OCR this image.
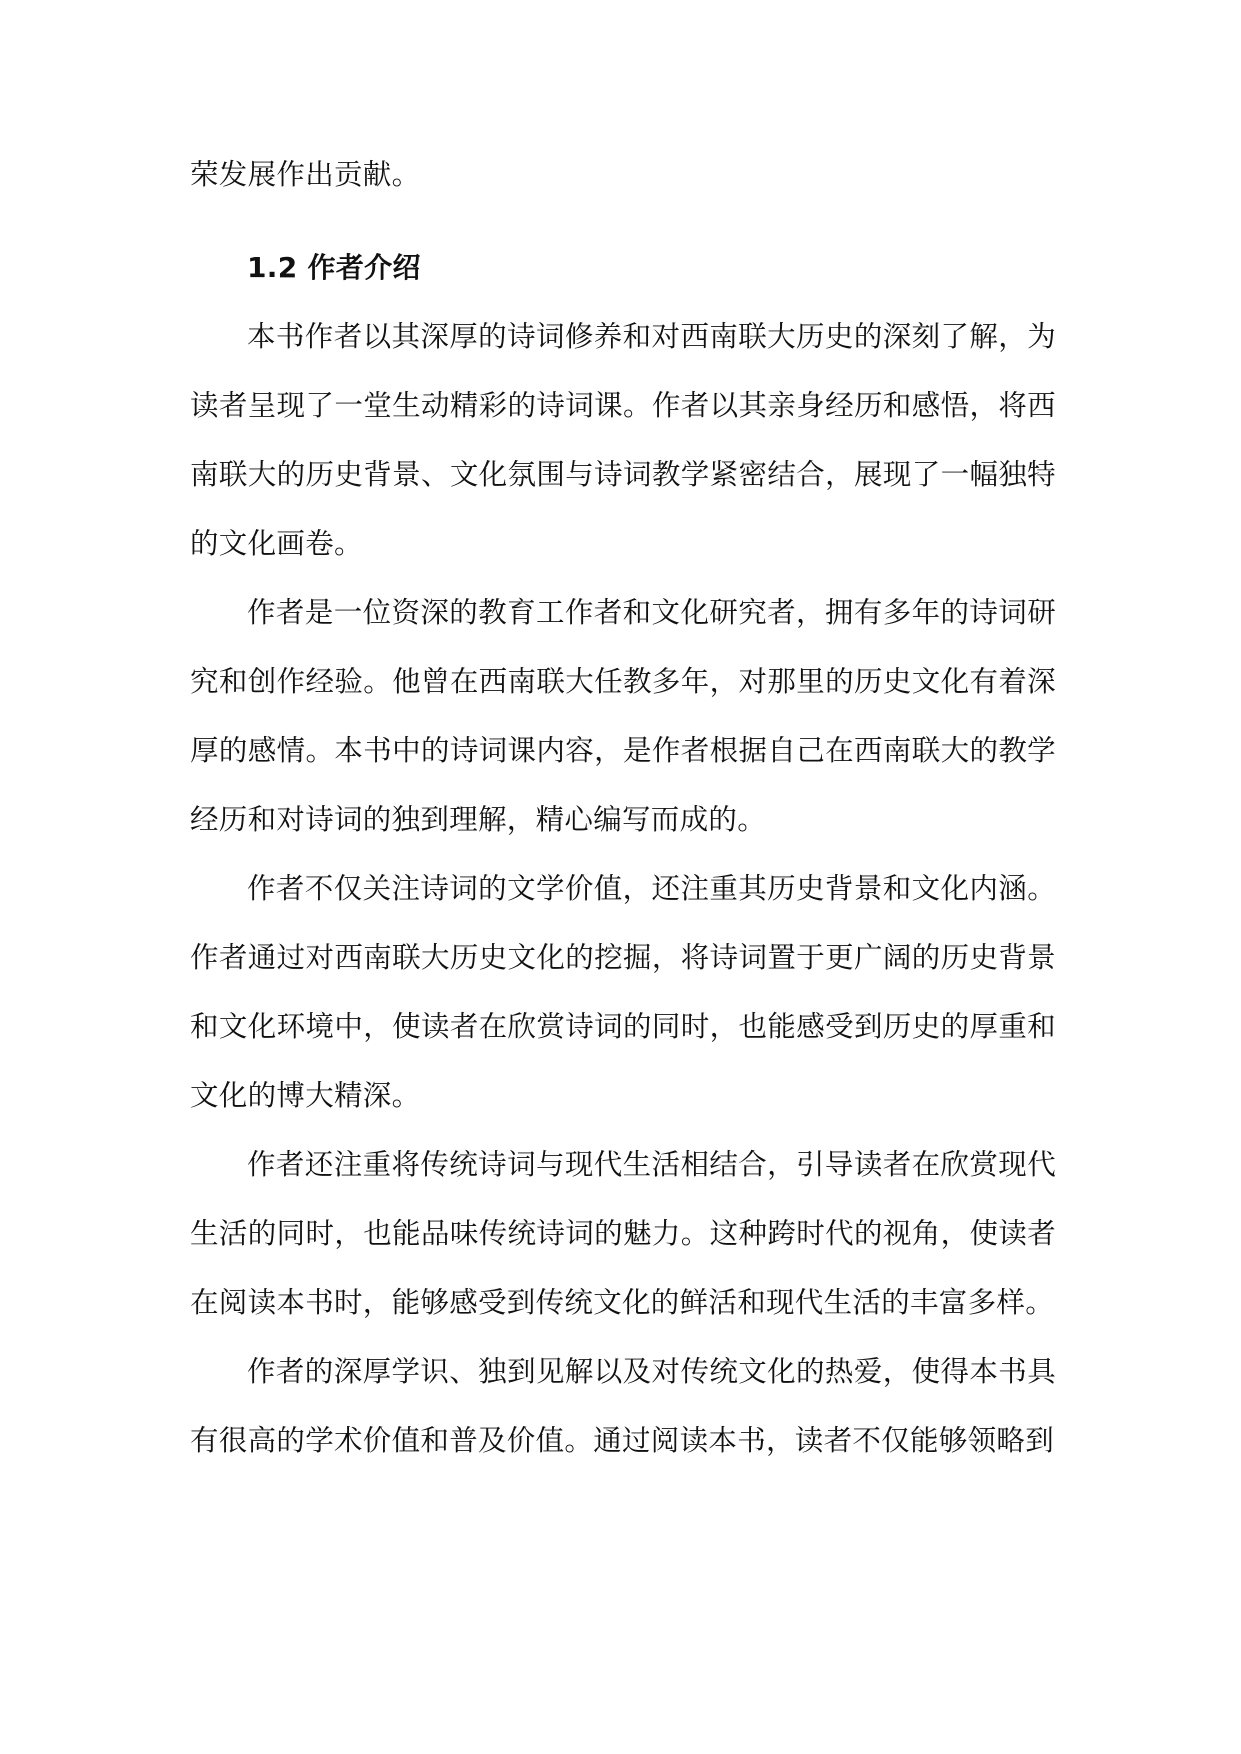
荣发展作出贡献。

1.2 作者介绍

本书作者以其深厚的诗词修养和对西南联大历史的深刻了解，为读者呈现了一堂生动精彩的诗词课。作者以其亲身经历和感悟，将西南联大的历史背景、文化氛围与诗词教学紧密结合，展现了一幅独特的文化画卷。

作者是一位资深的教育工作者和文化研究者，拥有多年的诗词研究和创作经验。他曾在西南联大任教多年，对那里的历史文化有着深厚的感情。本书中的诗词课内容，是作者根据自己在西南联大的教学经历和对诗词的独到理解，精心编写而成的。

作者不仅关注诗词的文学价值，还注重其历史背景和文化内涵。作者通过对西南联大历史文化的挖掘，将诗词置于更广阔的历史背景和文化环境中，使读者在欣赏诗词的同时，也能感受到历史的厚重和文化的博大精深。

作者还注重将传统诗词与现代生活相结合，引导读者在欣赏现代生活的同时，也能品味传统诗词的魅力。这种跨时代的视角，使读者在阅读本书时，能够感受到传统文化的鲜活和现代生活的丰富多样。

作者的深厚学识、独到见解以及对传统文化的热爱，使得本书具有很高的学术价值和普及价值。通过阅读本书，读者不仅能够领略到
